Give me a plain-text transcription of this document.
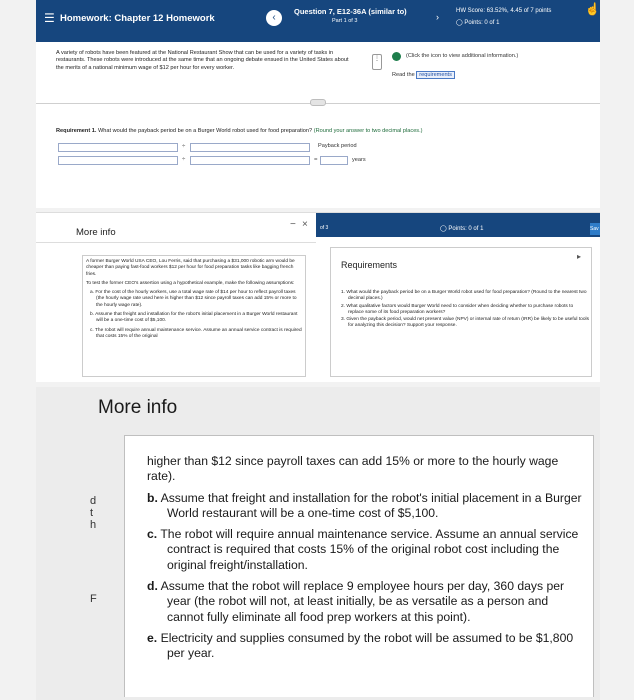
☰ Homework: Chapter 12 Homework	‹
Question 7, E12-36A (similar to)
Part 1 of 3	›
HW Score: 63.52%, 4.45 of 7 points
◯ Points: 0 of 1
☝
A variety of robots have been featured at the National Restaurant Show that can be used for a variety of tasks in restaurants. These robots were introduced at the same time that an ongoing debate ensued in the United States about the merits of a national minimum wage of $12 per hour for every worker.
⋮	(Click the icon to view additional information.)
Read the requirements
Requirement 1. What would the payback period be on a Burger World robot used for food preparation? (Round your answer to two decimal places.)
Payback period
÷
÷	=	years
More info
− ×

A former Burger World USA CEO, Lou Ferris, said that purchasing a $31,000 robotic arm would be cheaper than paying fast-food workers $12 per hour for food preparation tasks like bagging french fries.

To test the former CEO's assertion using a hypothetical example, make the following assumptions:

a. For the cost of the hourly workers, use a total wage rate of $14 per hour to reflect payroll taxes (the hourly wage rate used here is higher than $12 since payroll taxes can add 15% or more to the hourly wage rate).

b. Assume that freight and installation for the robot's initial placement in a Burger World restaurant will be a one-time cost of $5,100.

c. The robot will require annual maintenance service. Assume an annual service contract is required that costs 15% of the original

of 3	◯ Points: 0 of 1	Sav
▸
Requirements
1. What would the payback period be on a Burger World robot used for food preparation? (Round to the nearest two decimal places.)
2. What qualitative factors would Burger World need to consider when deciding whether to purchase robots to replace some of its food preparation workers?
3. Given the payback period, would net present value (NPV) or internal rate of return (IRR) be likely to be useful tools for analyzing this decision? Support your response.
More info
d
t
h
F
higher than $12 since payroll taxes can add 15% or more to the hourly wage rate).
b. Assume that freight and installation for the robot's initial placement in a Burger World restaurant will be a one-time cost of $5,100.
c. The robot will require annual maintenance service. Assume an annual service contract is required that costs 15% of the original robot cost including the original freight/installation.
d. Assume that the robot will replace 9 employee hours per day, 360 days per year (the robot will not, at least initially, be as versatile as a person and cannot fully eliminate all food prep workers at this point).
e. Electricity and supplies consumed by the robot will be assumed to be $1,800 per year.
